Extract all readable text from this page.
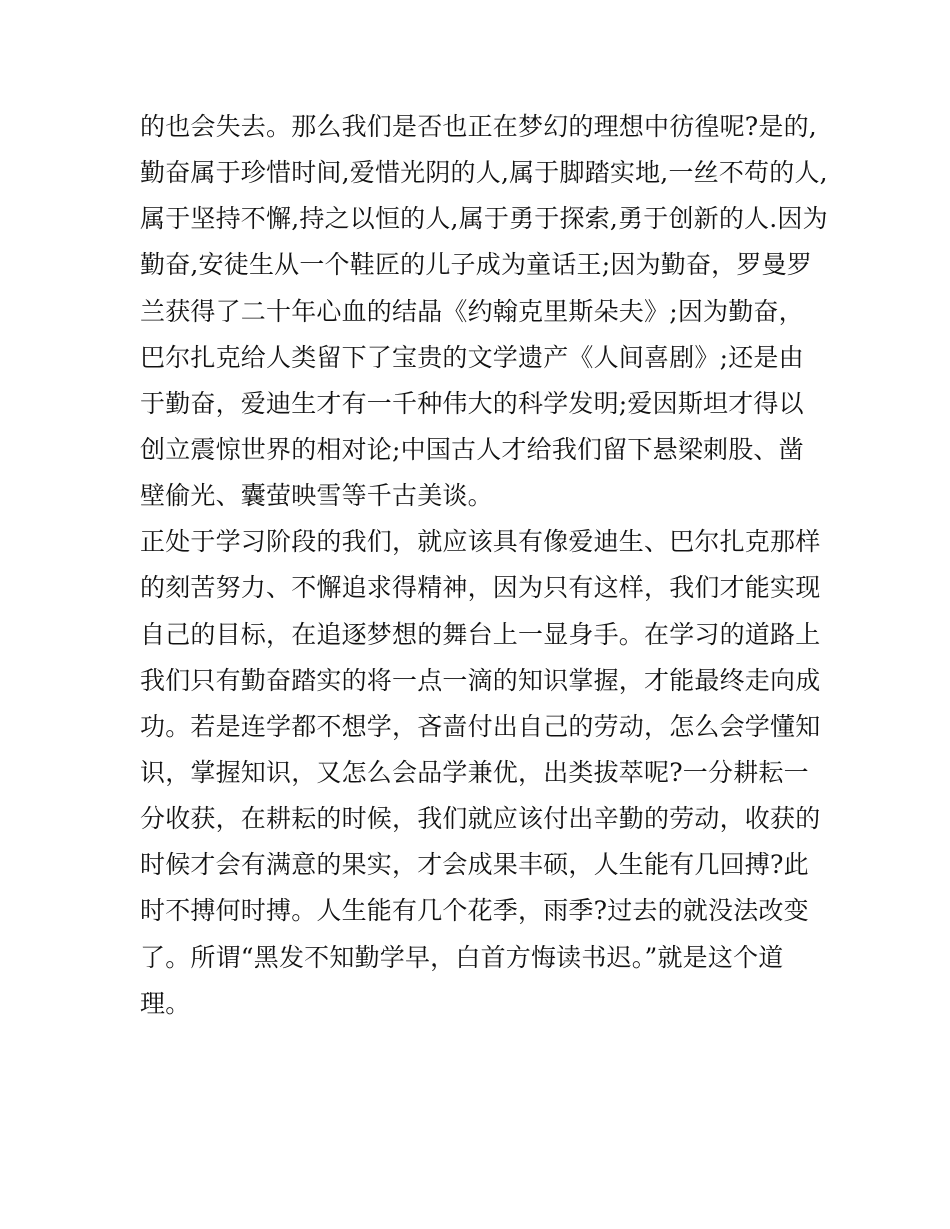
的也会失去。那么我们是否也正在梦幻的理想中彷徨呢?是的,
勤奋属于珍惜时间,爱惜光阴的人,属于脚踏实地,一丝不苟的人,
属于坚持不懈,持之以恒的人,属于勇于探索,勇于创新的人.因为
勤奋,安徒生从一个鞋匠的儿子成为童话王;因为勤奋，罗曼罗
兰获得了二十年心血的结晶《约翰克里斯朵夫》;因为勤奋，
巴尔扎克给人类留下了宝贵的文学遗产《人间喜剧》;还是由
于勤奋，爱迪生才有一千种伟大的科学发明;爱因斯坦才得以
创立震惊世界的相对论;中国古人才给我们留下悬梁刺股、凿
壁偷光、囊萤映雪等千古美谈。
正处于学习阶段的我们，就应该具有像爱迪生、巴尔扎克那样
的刻苦努力、不懈追求得精神，因为只有这样，我们才能实现
自己的目标，在追逐梦想的舞台上一显身手。在学习的道路上
我们只有勤奋踏实的将一点一滴的知识掌握，才能最终走向成
功。若是连学都不想学，吝啬付出自己的劳动，怎么会学懂知
识，掌握知识，又怎么会品学兼优，出类拔萃呢?一分耕耘一
分收获，在耕耘的时候，我们就应该付出辛勤的劳动，收获的
时候才会有满意的果实，才会成果丰硕，人生能有几回搏?此
时不搏何时搏。人生能有几个花季，雨季?过去的就没法改变
了。所谓“黑发不知勤学早，白首方悔读书迟。”就是这个道
理。
